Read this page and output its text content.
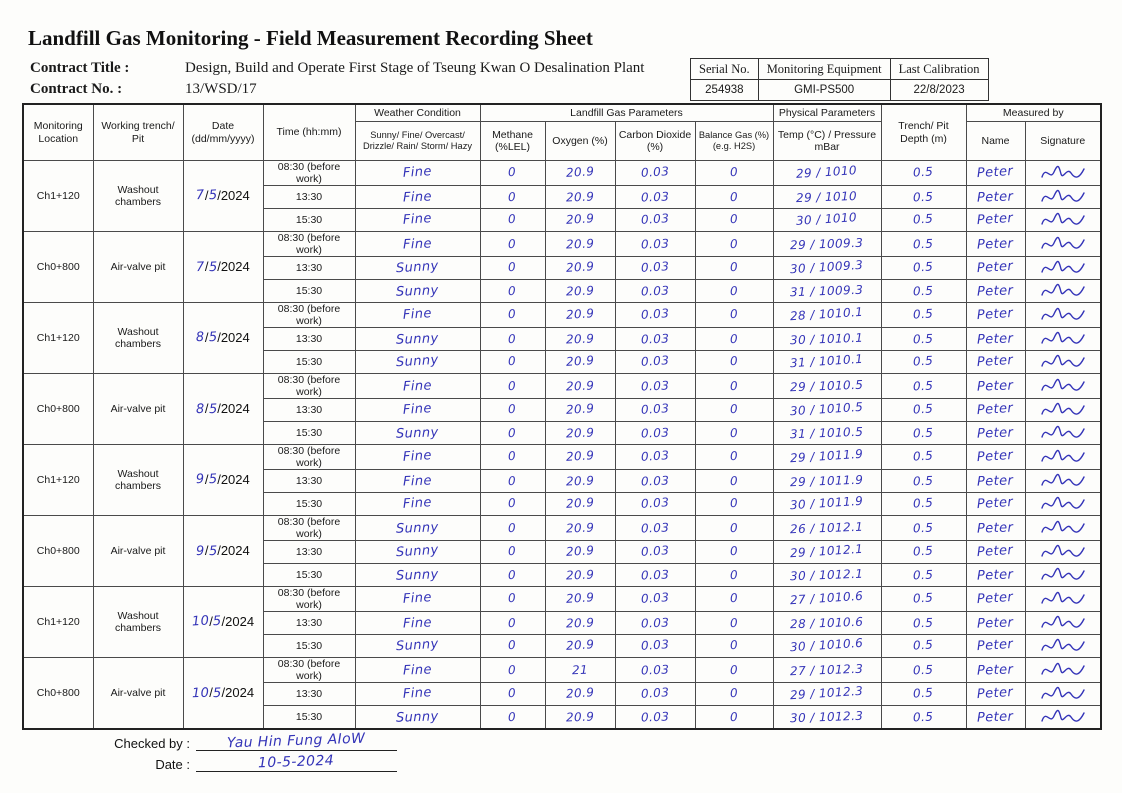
Landfill Gas Monitoring - Field Measurement Recording Sheet
Contract Title :	Design, Build and Operate First Stage of Tseung Kwan O Desalination Plant
Contract No. :	13/WSD/17
Serial No.	Monitoring Equipment	Last Calibration
254938	GMI-PS500	22/8/2023
Monitoring Location	Working trench/ Pit	Date (dd/mm/yyyy)	Time (hh:mm)	Weather Condition	Landfill Gas Parameters				Physical Parameters	Trench/ Pit Depth (m)	Measured by	
				Sunny/ Fine/ Overcast/ Drizzle/ Rain/ Storm/ Hazy	Methane (%LEL)	Oxygen (%)	Carbon Dioxide (%)	Balance Gas (%) (e.g. H2S)	Temp (°C) / Pressure mBar		Name	Signature
Ch1+120	Washout chambers	7/5/2024	08:30 (before work)	Fine	0	20.9	0.03	0	29 / 1010	0.5	Peter	
			13:30	Fine	0	20.9	0.03	0	29 / 1010	0.5	Peter	
			15:30	Fine	0	20.9	0.03	0	30 / 1010	0.5	Peter	
Ch0+800	Air-valve pit	7/5/2024	08:30 (before work)	Fine	0	20.9	0.03	0	29 / 1009.3	0.5	Peter	
			13:30	Sunny	0	20.9	0.03	0	30 / 1009.3	0.5	Peter	
			15:30	Sunny	0	20.9	0.03	0	31 / 1009.3	0.5	Peter	
Ch1+120	Washout chambers	8/5/2024	08:30 (before work)	Fine	0	20.9	0.03	0	28 / 1010.1	0.5	Peter	
			13:30	Sunny	0	20.9	0.03	0	30 / 1010.1	0.5	Peter	
			15:30	Sunny	0	20.9	0.03	0	31 / 1010.1	0.5	Peter	
Ch0+800	Air-valve pit	8/5/2024	08:30 (before work)	Fine	0	20.9	0.03	0	29 / 1010.5	0.5	Peter	
			13:30	Fine	0	20.9	0.03	0	30 / 1010.5	0.5	Peter	
			15:30	Sunny	0	20.9	0.03	0	31 / 1010.5	0.5	Peter	
Ch1+120	Washout chambers	9/5/2024	08:30 (before work)	Fine	0	20.9	0.03	0	29 / 1011.9	0.5	Peter	
			13:30	Fine	0	20.9	0.03	0	29 / 1011.9	0.5	Peter	
			15:30	Fine	0	20.9	0.03	0	30 / 1011.9	0.5	Peter	
Ch0+800	Air-valve pit	9/5/2024	08:30 (before work)	Sunny	0	20.9	0.03	0	26 / 1012.1	0.5	Peter	
			13:30	Sunny	0	20.9	0.03	0	29 / 1012.1	0.5	Peter	
			15:30	Sunny	0	20.9	0.03	0	30 / 1012.1	0.5	Peter	
Ch1+120	Washout chambers	10/5/2024	08:30 (before work)	Fine	0	20.9	0.03	0	27 / 1010.6	0.5	Peter	
			13:30	Fine	0	20.9	0.03	0	28 / 1010.6	0.5	Peter	
			15:30	Sunny	0	20.9	0.03	0	30 / 1010.6	0.5	Peter	
Ch0+800	Air-valve pit	10/5/2024	08:30 (before work)	Fine	0	21	0.03	0	27 / 1012.3	0.5	Peter	
			13:30	Fine	0	20.9	0.03	0	29 / 1012.3	0.5	Peter	
			15:30	Sunny	0	20.9	0.03	0	30 / 1012.3	0.5	Peter	
Checked by :	Yau Hin Fung AIoW
Date :	10-5-2024
